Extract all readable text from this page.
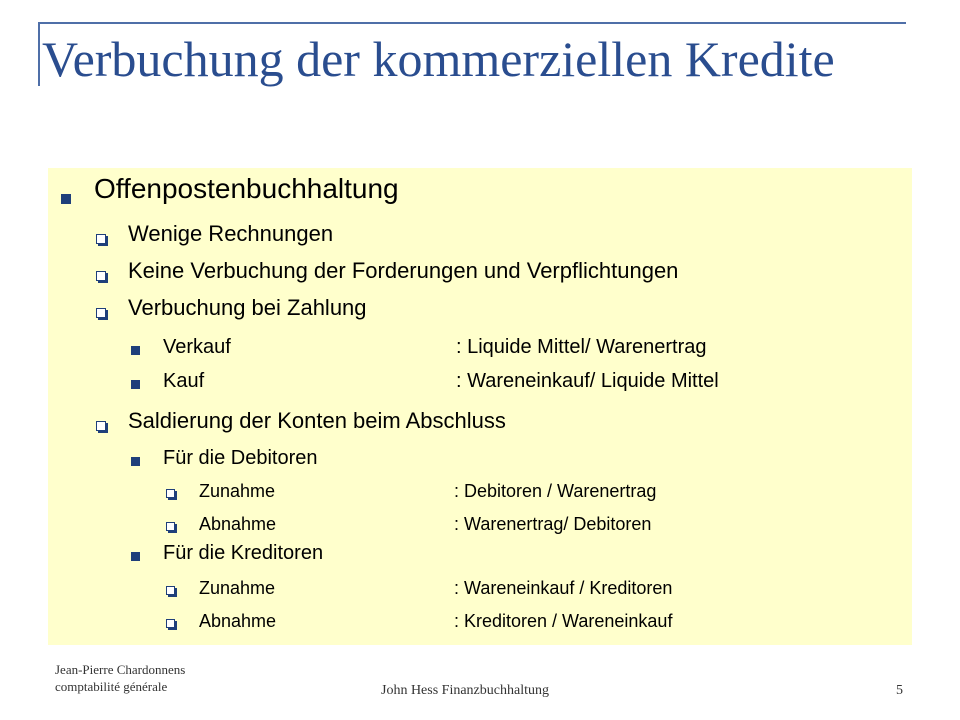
Verbuchung der kommerziellen Kredite
Offenpostenbuchhaltung
Wenige Rechnungen
Keine Verbuchung der Forderungen und Verpflichtungen
Verbuchung bei Zahlung
Verkauf	: Liquide Mittel/ Warenertrag
Kauf	: Wareneinkauf/ Liquide Mittel
Saldierung der Konten beim Abschluss
Für die Debitoren
Zunahme	: Debitoren / Warenertrag
Abnahme	: Warenertrag/ Debitoren
Für die Kreditoren
Zunahme	: Wareneinkauf / Kreditoren
Abnahme	: Kreditoren / Wareneinkauf
Jean-Pierre Chardonnens
comptabilité générale	John Hess Finanzbuchhaltung	5
